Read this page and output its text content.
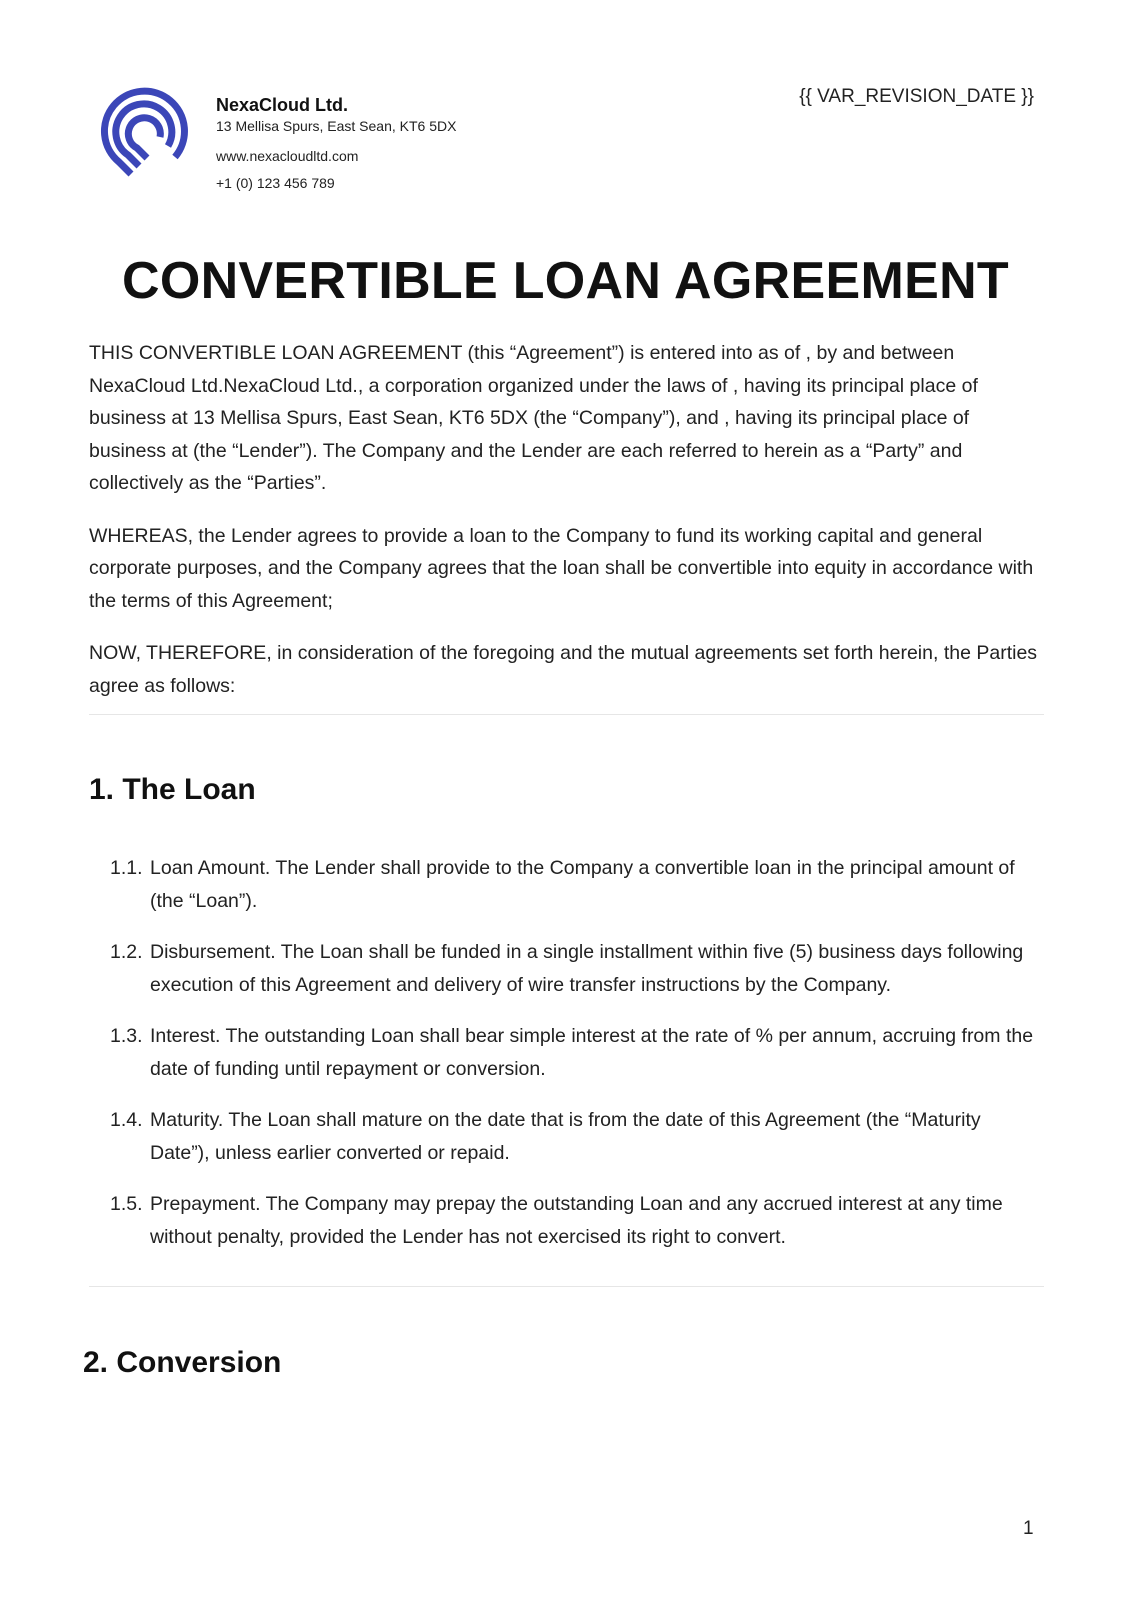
NexaCloud Ltd.
13 Mellisa Spurs, East Sean, KT6 5DX
www.nexacloudltd.com
+1 (0) 123 456 789
{{ VAR_REVISION_DATE }}
CONVERTIBLE LOAN AGREEMENT

THIS CONVERTIBLE LOAN AGREEMENT (this “Agreement”) is entered into as of , by and between NexaCloud Ltd.NexaCloud Ltd., a corporation organized under the laws of , having its principal place of business at 13 Mellisa Spurs, East Sean, KT6 5DX (the “Company”), and , having its principal place of business at (the “Lender”). The Company and the Lender are each referred to herein as a “Party” and collectively as the “Parties”.

WHEREAS, the Lender agrees to provide a loan to the Company to fund its working capital and general corporate purposes, and the Company agrees that the loan shall be convertible into equity in accordance with the terms of this Agreement;

NOW, THEREFORE, in consideration of the foregoing and the mutual agreements set forth herein, the Parties agree as follows:

1. The Loan
1.1. Loan Amount. The Lender shall provide to the Company a convertible loan in the principal amount of (the “Loan”).
1.2. Disbursement. The Loan shall be funded in a single installment within five (5) business days following execution of this Agreement and delivery of wire transfer instructions by the Company.
1.3. Interest. The outstanding Loan shall bear simple interest at the rate of % per annum, accruing from the date of funding until repayment or conversion.
1.4. Maturity. The Loan shall mature on the date that is from the date of this Agreement (the “Maturity Date”), unless earlier converted or repaid.
1.5. Prepayment. The Company may prepay the outstanding Loan and any accrued interest at any time without penalty, provided the Lender has not exercised its right to convert.
2. Conversion
1
